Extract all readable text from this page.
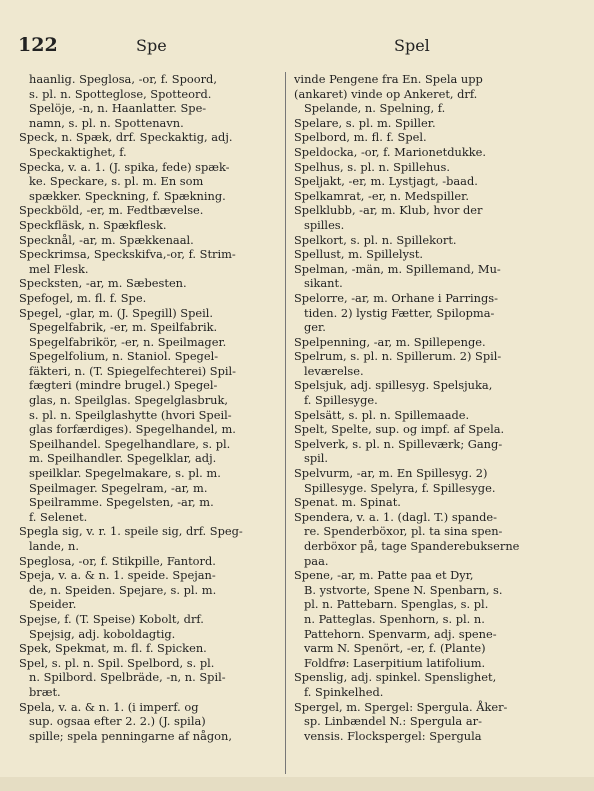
122	Spe	Spel
haanlig. Speglosa, -or, f. Spoord,
s. pl. n. Spotteglose, Spotteord.
Spelöje, -n, n. Haanlatter. Spe-
namn, s. pl. n. Spottenavn.
Speck, n. Spæk, drf. Speckaktig, adj.
Speckaktighet, f.
Specka, v. a. 1. (J. spika, fede) spæk-
ke. Speckare, s. pl. m. En som
spækker. Speckning, f. Spækning.
Speckböld, -er, m. Fedtbævelse.
Speckfläsk, n. Spækflesk.
Specknål, -ar, m. Spækkenaal.
Speckrimsa, Speckskifva,-or, f. Strim-
mel Flesk.
Specksten, -ar, m. Sæbesten.
Spefogel, m. fl. f. Spe.
Spegel, -glar, m. (J. Spegill) Speil.
Spegelfabrik, -er, m. Speilfabrik.
Spegelfabrikör, -er, n. Speilmager.
Spegelfolium, n. Staniol. Spegel-
fäkteri, n. (T. Spiegelfechterei) Spil-
fægteri (mindre brugel.) Spegel-
glas, n. Speilglas. Spegelglasbruk,
s. pl. n. Speilglashytte (hvori Speil-
glas forfærdiges). Spegelhandel, m.
Speilhandel. Spegelhandlare, s. pl.
m. Speilhandler. Spegelklar, adj.
speilklar. Spegelmakare, s. pl. m.
Speilmager. Spegelram, -ar, m.
Speilramme. Spegelsten, -ar, m.
f. Selenet.
Spegla sig, v. r. 1. speile sig, drf. Speg-
lande, n.
Speglosa, -or, f. Stikpille, Fantord.
Speja, v. a. & n. 1. speide. Spejan-
de, n. Speiden. Spejare, s. pl. m.
Speider.
Spejse, f. (T. Speise) Kobolt, drf.
Spejsig, adj. koboldagtig.
Spek, Spekmat, m. fl. f. Spicken.
Spel, s. pl. n. Spil. Spelbord, s. pl.
n. Spilbord. Spelbräde, -n, n. Spil-
bræt.
Spela, v. a. & n. 1. (i imperf. og
sup. ogsaa efter 2. 2.) (J. spila)
spille; spela penningarne af någon,
vinde Pengene fra En. Spela upp
(ankaret) vinde op Ankeret, drf.
Spelande, n. Spelning, f.
Spelare, s. pl. m. Spiller.
Spelbord, m. fl. f. Spel.
Speldocka, -or, f. Marionetdukke.
Spelhus, s. pl. n. Spillehus.
Speljakt, -er, m. Lystjagt, -baad.
Spelkamrat, -er, n. Medspiller.
Spelklubb, -ar, m. Klub, hvor der
spilles.
Spelkort, s. pl. n. Spillekort.
Spellust, m. Spillelyst.
Spelman, -män, m. Spillemand, Mu-
sikant.
Spelorre, -ar, m. Orhane i Parrings-
tiden. 2) lystig Fætter, Spilopma-
ger.
Spelpenning, -ar, m. Spillepenge.
Spelrum, s. pl. n. Spillerum. 2) Spil-
leværelse.
Spelsjuk, adj. spillesyg. Spelsjuka,
f. Spillesyge.
Spelsätt, s. pl. n. Spillemaade.
Spelt, Spelte, sup. og impf. af Spela.
Spelverk, s. pl. n. Spilleværk; Gang-
spil.
Spelvurm, -ar, m. En Spillesyg. 2)
Spillesyge. Spelyra, f. Spillesyge.
Spenat. m. Spinat.
Spendera, v. a. 1. (dagl. T.) spande-
re. Spenderböxor, pl. ta sina spen-
derböxor på, tage Spanderebukserne
paa.
Spene, -ar, m. Patte paa et Dyr,
B. ystvorte, Spene N. Spenbarn, s.
pl. n. Pattebarn. Spenglas, s. pl.
n. Patteglas. Spenhorn, s. pl. n.
Pattehorn. Spenvarm, adj. spene-
varm N. Spenört, -er, f. (Plante)
Foldfrø: Laserpitium latifolium.
Spenslig, adj. spinkel. Spenslighet,
f. Spinkelhed.
Spergel, m. Spergel: Spergula. Åker-
sp. Linbændel N.: Spergula ar-
vensis. Flockspergel: Spergula
